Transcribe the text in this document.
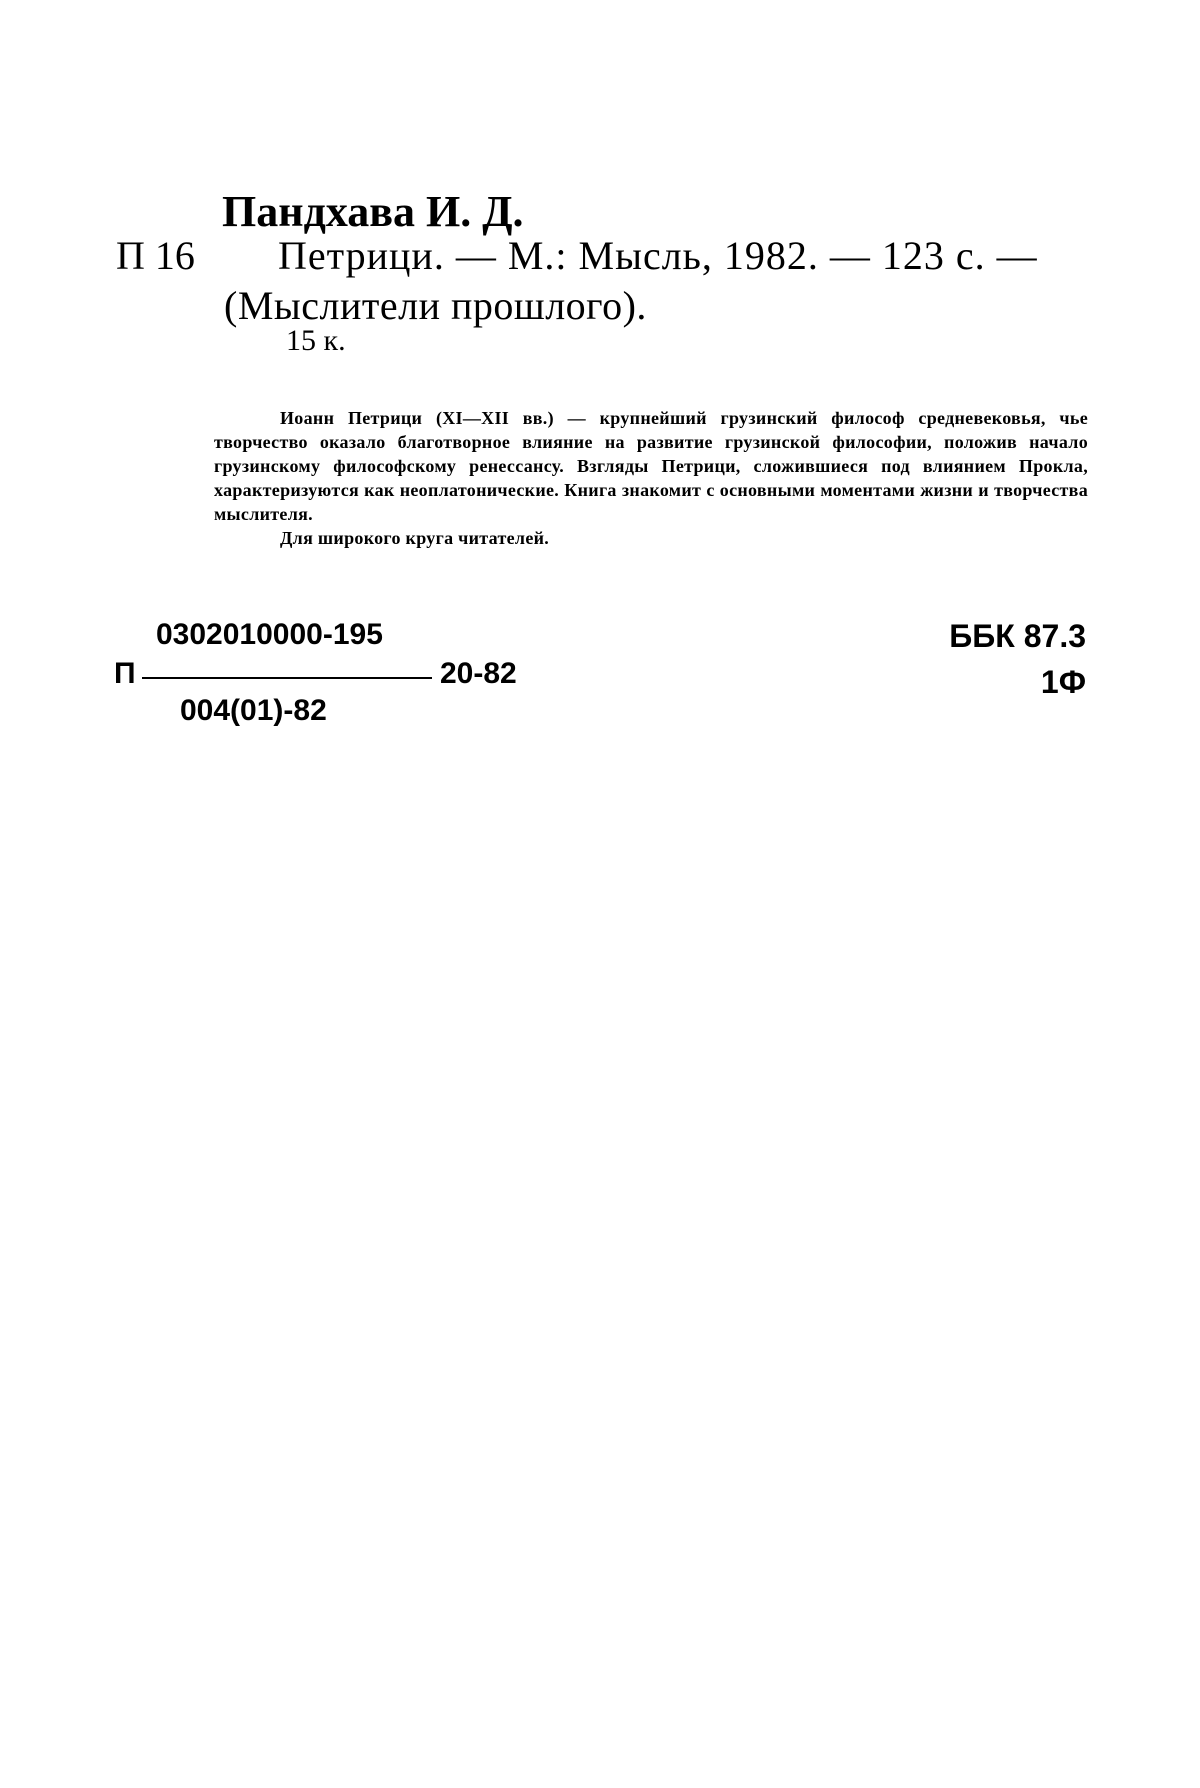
Пандхава И. Д.
П 16 Петрици. — М.: Мысль, 1982. — 123 с. —
(Мыслители прошлого).
15 к.

Иоанн Петрици (XI—XII вв.) — крупнейший грузинский философ средневековья, чье творчество оказало благотворное влияние на развитие грузинской философии, положив начало грузинскому философскому ренессансу. Взгляды Петрици, сложившиеся под влиянием Прокла, характеризуются как неоплатонические. Книга знакомит с основными моментами жизни и творчества мыслителя.

Для широкого круга читателей.

0302010000-195
П	20-82
004(01)-82
ББК 87.3
1Ф
